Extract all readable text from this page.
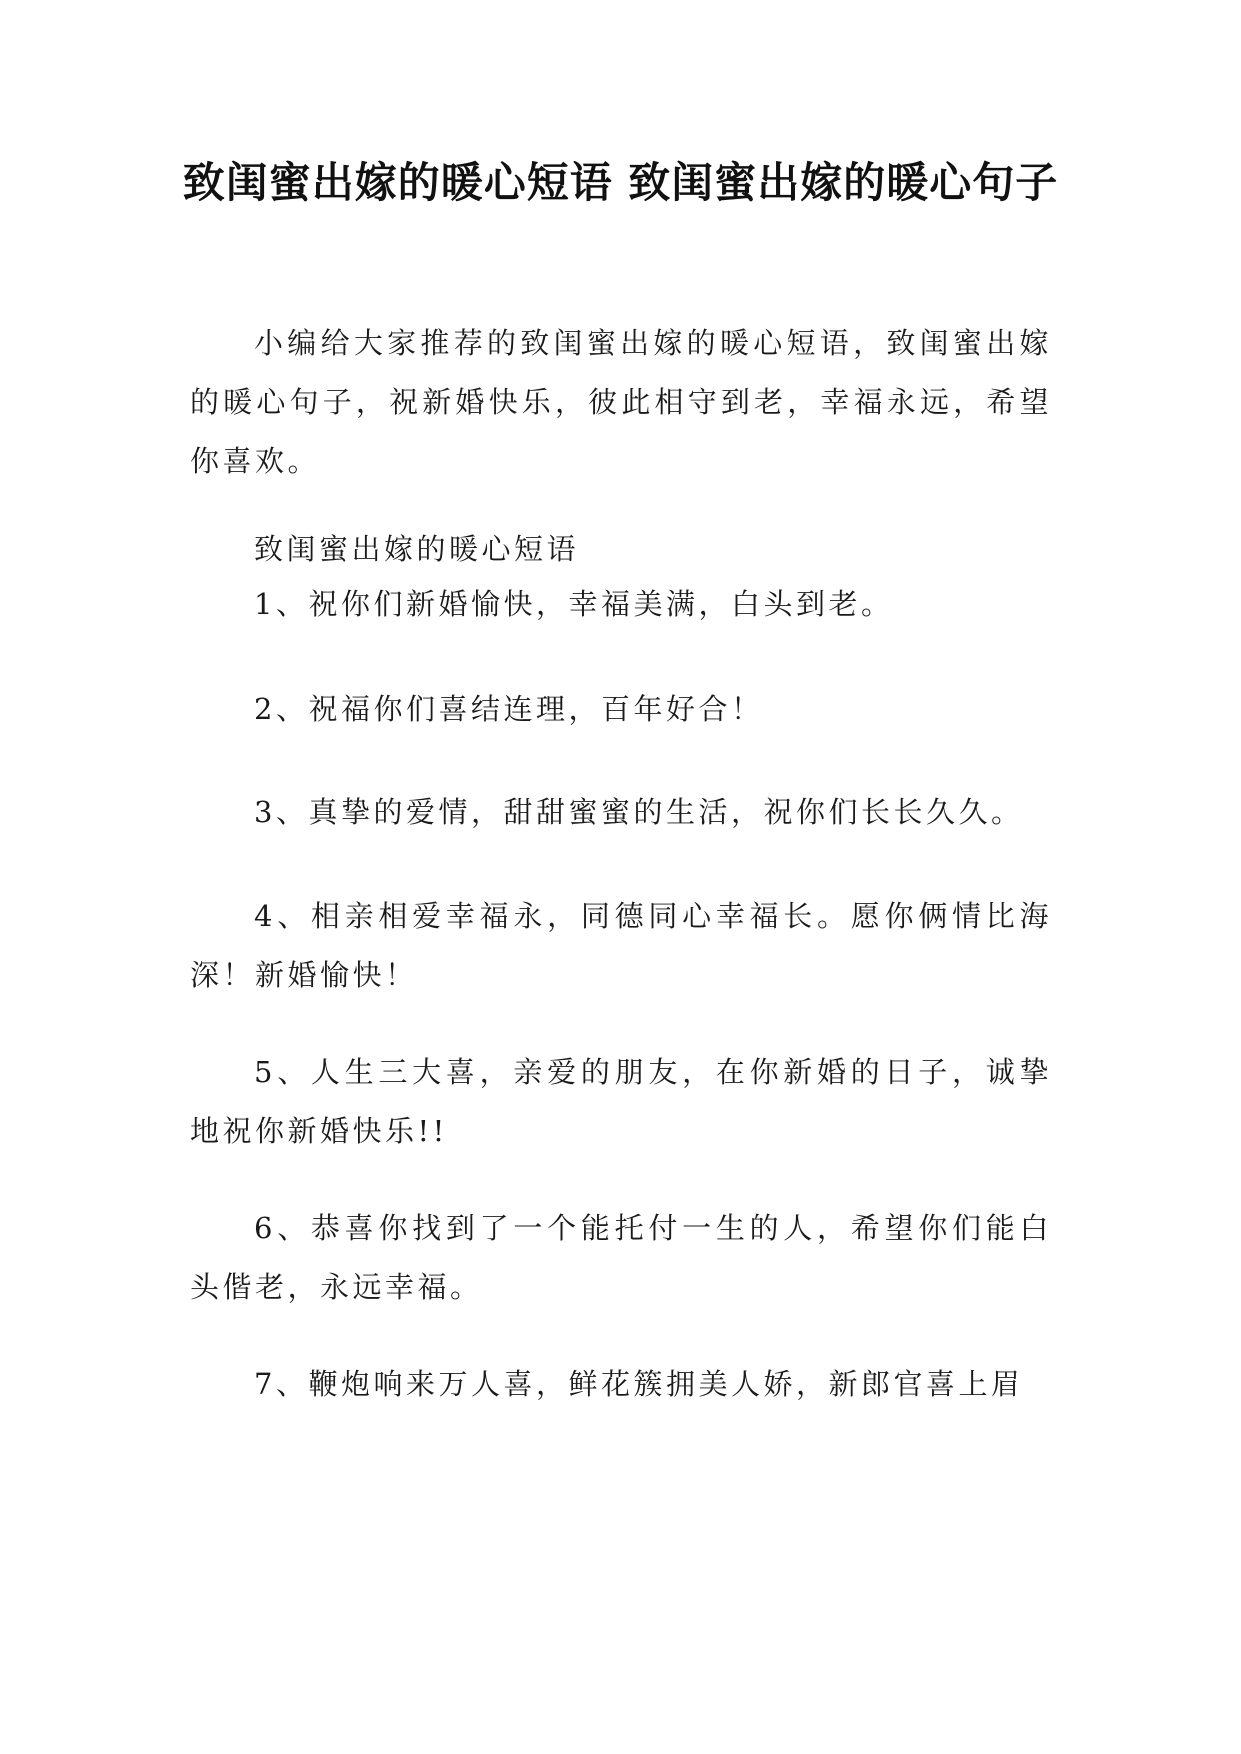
致闺蜜出嫁的暖心短语 致闺蜜出嫁的暖心句子

小编给大家推荐的致闺蜜出嫁的暖心短语，致闺蜜出嫁的暖心句子，祝新婚快乐，彼此相守到老，幸福永远，希望你喜欢。

致闺蜜出嫁的暖心短语

1、祝你们新婚愉快，幸福美满，白头到老。

2、祝福你们喜结连理，百年好合！

3、真挚的爱情，甜甜蜜蜜的生活，祝你们长长久久。

4、相亲相爱幸福永，同德同心幸福长。愿你俩情比海深！新婚愉快！

5、人生三大喜，亲爱的朋友，在你新婚的日子，诚挚地祝你新婚快乐!!

6、恭喜你找到了一个能托付一生的人，希望你们能白头偕老，永远幸福。

7、鞭炮响来万人喜，鲜花簇拥美人娇，新郎官喜上眉
